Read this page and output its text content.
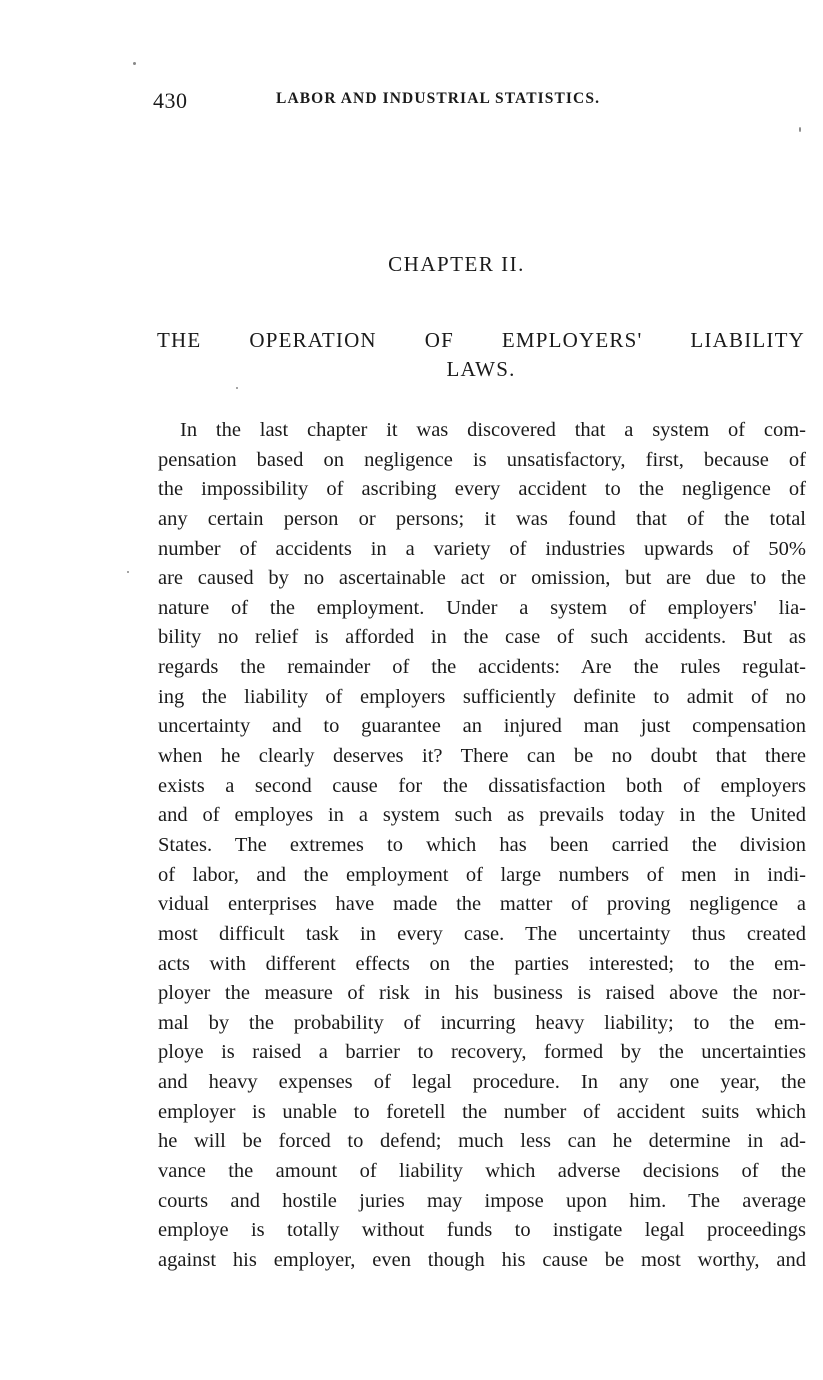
430	LABOR AND INDUSTRIAL STATISTICS.
CHAPTER II.
THE OPERATION OF EMPLOYERS' LIABILITY LAWS.
In the last chapter it was discovered that a system of com-
pensation based on negligence is unsatisfactory, first, because of
the impossibility of ascribing every accident to the negligence of
any certain person or persons; it was found that of the total
number of accidents in a variety of industries upwards of 50%
are caused by no ascertainable act or omission, but are due to the
nature of the employment. Under a system of employers' lia-
bility no relief is afforded in the case of such accidents. But as
regards the remainder of the accidents: Are the rules regulat-
ing the liability of employers sufficiently definite to admit of no
uncertainty and to guarantee an injured man just compensation
when he clearly deserves it? There can be no doubt that there
exists a second cause for the dissatisfaction both of employers
and of employes in a system such as prevails today in the United
States. The extremes to which has been carried the division
of labor, and the employment of large numbers of men in indi-
vidual enterprises have made the matter of proving negligence a
most difficult task in every case. The uncertainty thus created
acts with different effects on the parties interested; to the em-
ployer the measure of risk in his business is raised above the nor-
mal by the probability of incurring heavy liability; to the em-
ploye is raised a barrier to recovery, formed by the uncertainties
and heavy expenses of legal procedure. In any one year, the
employer is unable to foretell the number of accident suits which
he will be forced to defend; much less can he determine in ad-
vance the amount of liability which adverse decisions of the
courts and hostile juries may impose upon him. The average
employe is totally without funds to instigate legal proceedings
against his employer, even though his cause be most worthy, and
